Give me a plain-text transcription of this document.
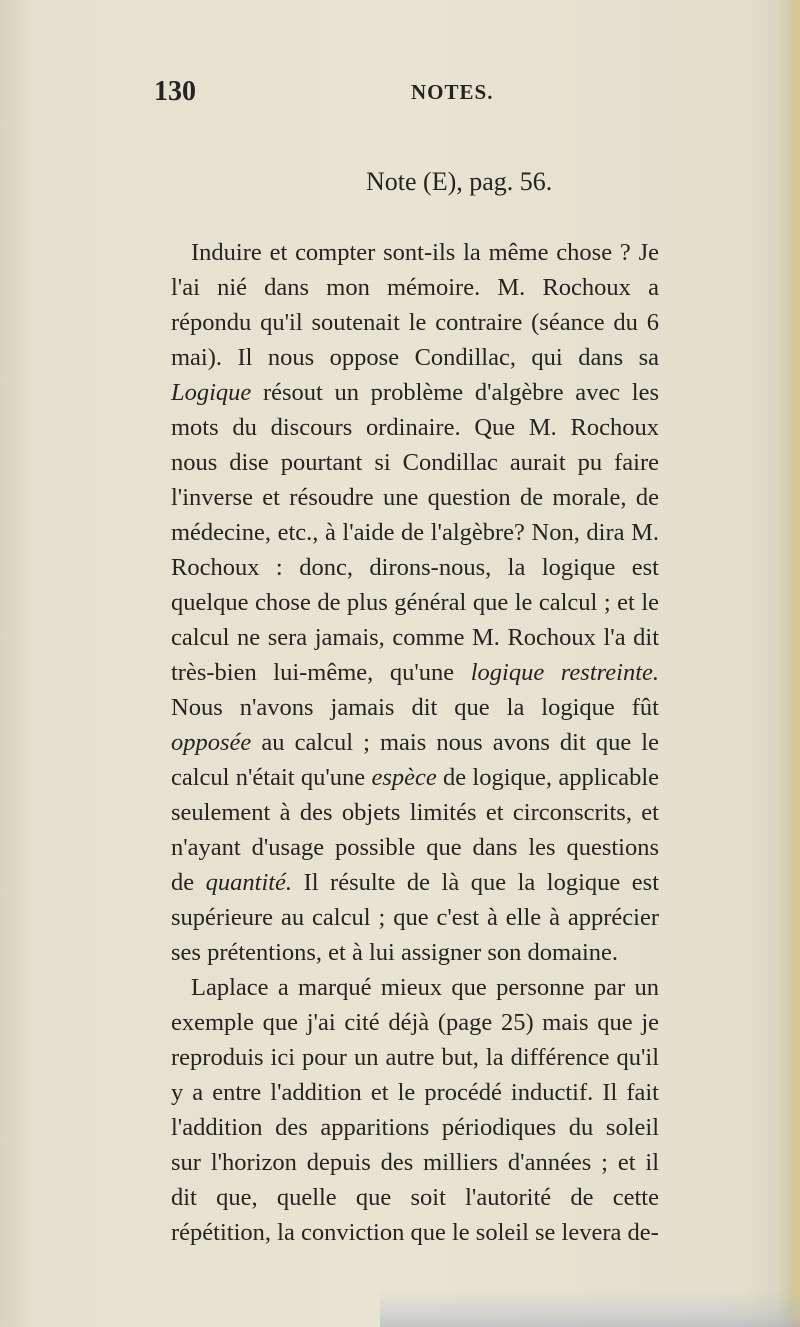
130	NOTES.
Note (E), pag. 56.

Induire et compter sont-ils la même chose ? Je l'ai nié dans mon mémoire. M. Rochoux a répondu qu'il soutenait le contraire (séance du 6 mai). Il nous oppose Condillac, qui dans sa Logique résout un problème d'algèbre avec les mots du discours ordinaire. Que M. Rochoux nous dise pourtant si Condillac aurait pu faire l'inverse et résoudre une question de morale, de médecine, etc., à l'aide de l'algèbre? Non, dira M. Rochoux : donc, dirons-nous, la logique est quelque chose de plus général que le calcul ; et le calcul ne sera jamais, comme M. Rochoux l'a dit très-bien lui-même, qu'une logique restreinte. Nous n'avons jamais dit que la logique fût opposée au calcul ; mais nous avons dit que le calcul n'était qu'une espèce de logique, applicable seulement à des objets limités et circonscrits, et n'ayant d'usage possible que dans les questions de quantité. Il résulte de là que la logique est supérieure au calcul ; que c'est à elle à apprécier ses prétentions, et à lui assigner son domaine.

Laplace a marqué mieux que personne par un exemple que j'ai cité déjà (page 25) mais que je reproduis ici pour un autre but, la différence qu'il y a entre l'addition et le procédé inductif. Il fait l'addition des apparitions périodiques du soleil sur l'horizon depuis des milliers d'années ; et il dit que, quelle que soit l'autorité de cette répétition, la conviction que le soleil se levera de-
